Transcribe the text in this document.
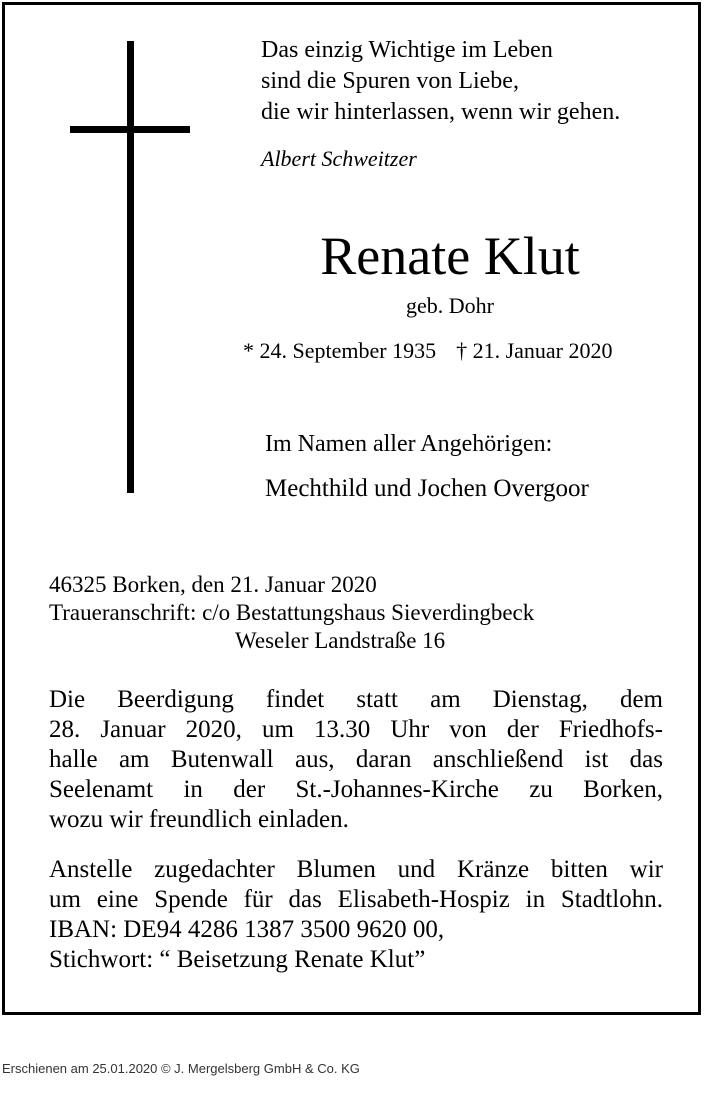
Das einzig Wichtige im Leben
sind die Spuren von Liebe,
die wir hinterlassen, wenn wir gehen.
Albert Schweitzer
Renate Klut
geb. Dohr
* 24. September 1935 † 21. Januar 2020
Im Namen aller Angehörigen:
Mechthild und Jochen Overgoor
46325 Borken, den 21. Januar 2020
Traueranschrift: c/o Bestattungshaus Sieverdingbeck
Weseler Landstraße 16
Die Beerdigung findet statt am Dienstag, dem
28. Januar 2020, um 13.30 Uhr von der Friedhofs-
halle am Butenwall aus, daran anschließend ist das
Seelenamt in der St.-Johannes-Kirche zu Borken,
wozu wir freundlich einladen.
Anstelle zugedachter Blumen und Kränze bitten wir
um eine Spende für das Elisabeth-Hospiz in Stadtlohn.
IBAN: DE94 4286 1387 3500 9620 00,
Stichwort: “ Beisetzung Renate Klut”
Erschienen am 25.01.2020 © J. Mergelsberg GmbH & Co. KG
